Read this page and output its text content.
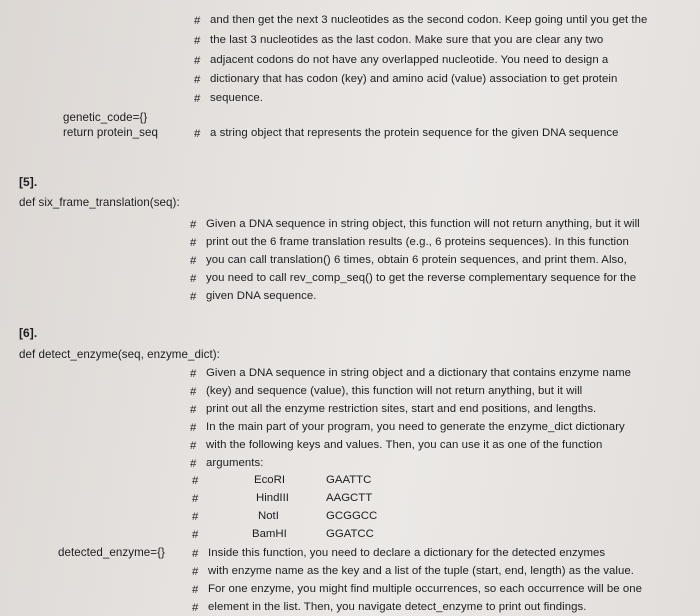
# and then get the next 3 nucleotides as the second codon. Keep going until you get the
# the last 3 nucleotides as the last codon. Make sure that you are clear any two
# adjacent codons do not have any overlapped nucleotide. You need to design a
# dictionary that has codon (key) and amino acid (value) association to get protein
# sequence.
genetic_code={}
return protein_seq	# a string object that represents the protein sequence for the given DNA sequence
[5].
def six_frame_translation(seq):
# Given a DNA sequence in string object, this function will not return anything, but it will
# print out the 6 frame translation results (e.g., 6 proteins sequences). In this function
# you can call translation() 6 times, obtain 6 protein sequences, and print them. Also,
# you need to call rev_comp_seq() to get the reverse complementary sequence for the
# given DNA sequence.
[6].
def detect_enzyme(seq, enzyme_dict):
# Given a DNA sequence in string object and a dictionary that contains enzyme name
# (key) and sequence (value), this function will not return anything, but it will
# print out all the enzyme restriction sites, start and end positions, and lengths.
# In the main part of your program, you need to generate the enzyme_dict dictionary
# with the following keys and values. Then, you can use it as one of the function
# arguments:
#	EcoRI	GAATTC
#	HindIII	AAGCTT
#	NotI	GCGGCC
#	BamHI	GGATCC
detected_enzyme={} # Inside this function, you need to declare a dictionary for the detected enzymes
# with enzyme name as the key and a list of the tuple (start, end, length) as the value.
# For one enzyme, you might find multiple occurrences, so each occurrence will be one
# element in the list. Then, you navigate detect_enzyme to print out findings.
